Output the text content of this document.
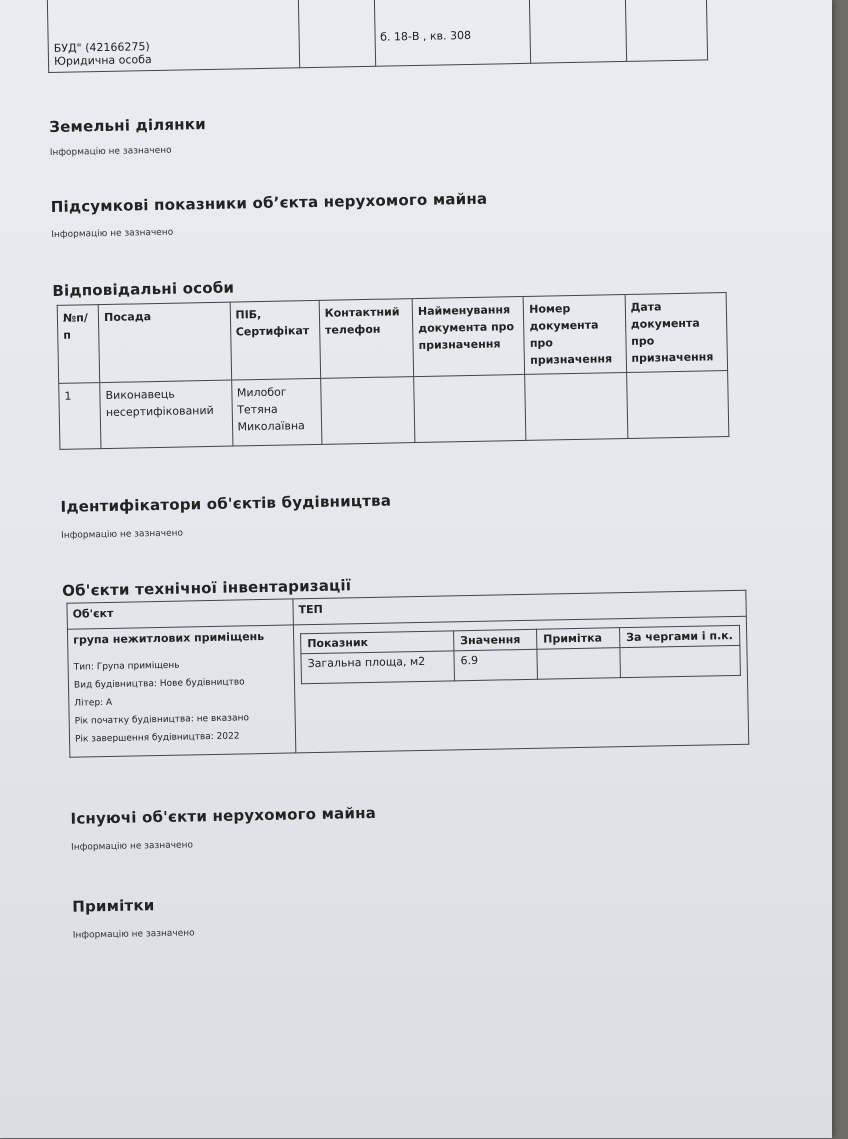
БУД" (42166275)
Юридична особа
		б. 18-В , кв. 308		
Земельні ділянки
Інформацію не зазначено
Підсумкові показники об’єкта нерухомого майна
Інформацію не зазначено
Відповідальні особи
№п/п	Посада	ПІБ, Сертифікат	Контактний телефон	Найменування документа про призначення	Номер документа про призначення	Дата документа про призначення
1	Виконавець несертифікований	Милобог Тетяна Миколаївна				
Ідентифікатори об'єктів будівництва
Інформацію не зазначено
Об'єкти технічної інвентаризації
Об'єкт	ТЕП

група нежитлових приміщень
Тип: Група приміщень
Вид будівництва: Нове будівництво
Літер: А
Рік початку будівництва: не вказано
Рік завершення будівництва: 2022

Показник	Значення	Примітка	За чергами і п.к.
Загальна площа, м2	6.9		
Існуючі об'єкти нерухомого майна
Інформацію не зазначено
Примітки
Інформацію не зазначено
